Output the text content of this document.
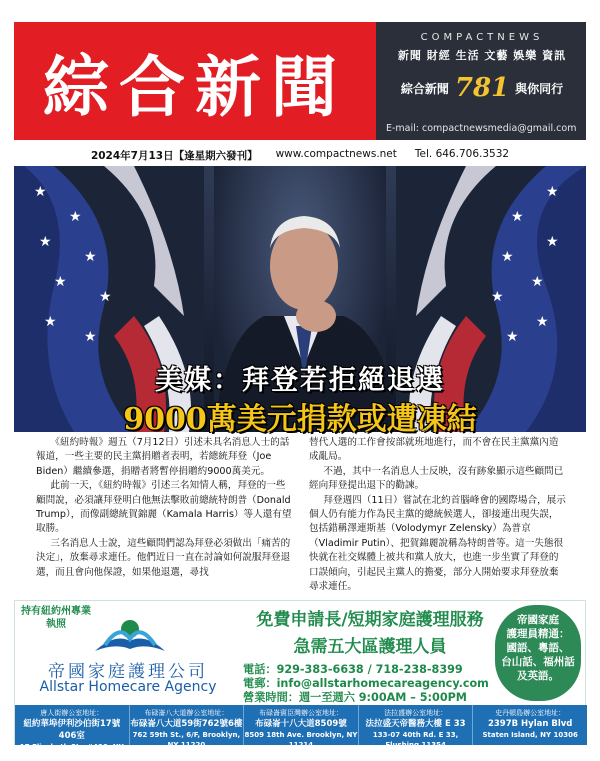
綜合新聞
COMPACTNEWS
新聞 財經 生活 文藝 娛樂 資訊
綜合新聞 781 與你同行
E-mail: compactnewsmedia@gmail.com
2024年7月13日【逢星期六發刊】 www.compactnews.net Tel. 646.706.3532
★
★
★
★
★
★
★
★
★
★
★
★
★
★
★
★
美媒：拜登若拒絕退選
9000萬美元捐款或遭凍結

《紐約時報》週五（7月12日）引述未具名消息人士的話報道，一些主要的民主黨捐贈者表明，若總統拜登（Joe Biden）繼續參選，捐贈者將暫停捐贈約9000萬美元。

此前一天，《紐約時報》引述三名知情人稱，拜登的一些顧問說，必須讓拜登明白他無法擊敗前總統特朗普（Donald Trump），而像副總統賀錦麗（Kamala Harris）等人還有望取勝。

三名消息人士說，這些顧問們認為拜登必須做出「痛苦的決定」，放棄尋求連任。他們近日一直在討論如何說服拜登退選，而且會向他保證，如果他退選，尋找

替代人選的工作會按部就班地進行，而不會在民主黨黨內造成亂局。

不過，其中一名消息人士反映，沒有跡象顯示這些顧問已經向拜登提出退下的勸諫。

拜登週四（11日）嘗試在北約首腦峰會的國際場合，展示個人仍有能力作為民主黨的總統候選人，卻接連出現失誤，包括錯稱澤連斯基（Volodymyr Zelensky）為普京（Vladimir Putin）、把賀錦麗說稱為特朗普等。這一失態很快就在社交媒體上被共和黨人放大，也進一步坐實了拜登的口誤傾向，引起民主黨人的擔憂，部分人開始要求拜登放棄尋求連任。

持有紐約州專業執照
帝國家庭護理公司
Allstar Homecare Agency
免費申請長/短期家庭護理服務
急需五大區護理人員
電話：929-383-6638 / 718-238-8399
電郵：info@allstarhomecareagency.com
營業時間：週一至週六 9:00AM – 5:00PM
帝國家庭
護理員精通：
國語、粵語、
台山話、福州話
及英語。
唐人街辦公室地址：
紐約華埠伊利沙伯街17號406室
17 Elizabeth St., #406, NY 10013
布碌崙八大道辦公室地址：
布碌崙八大道59街762號6樓
762 59th St., 6/F, Brooklyn, NY 11220
布碌崙賓臣灣辦公室地址：
布碌崙十八大道8509號
8509 18th Ave. Brooklyn, NY 11214
法拉盛辦公室地址：
法拉盛天帝醫務大樓 E 33
133-07 40th Rd. E 33, Flushing 11354
史丹頓島辦公室地址：
2397B Hylan Blvd
Staten Island, NY 10306
